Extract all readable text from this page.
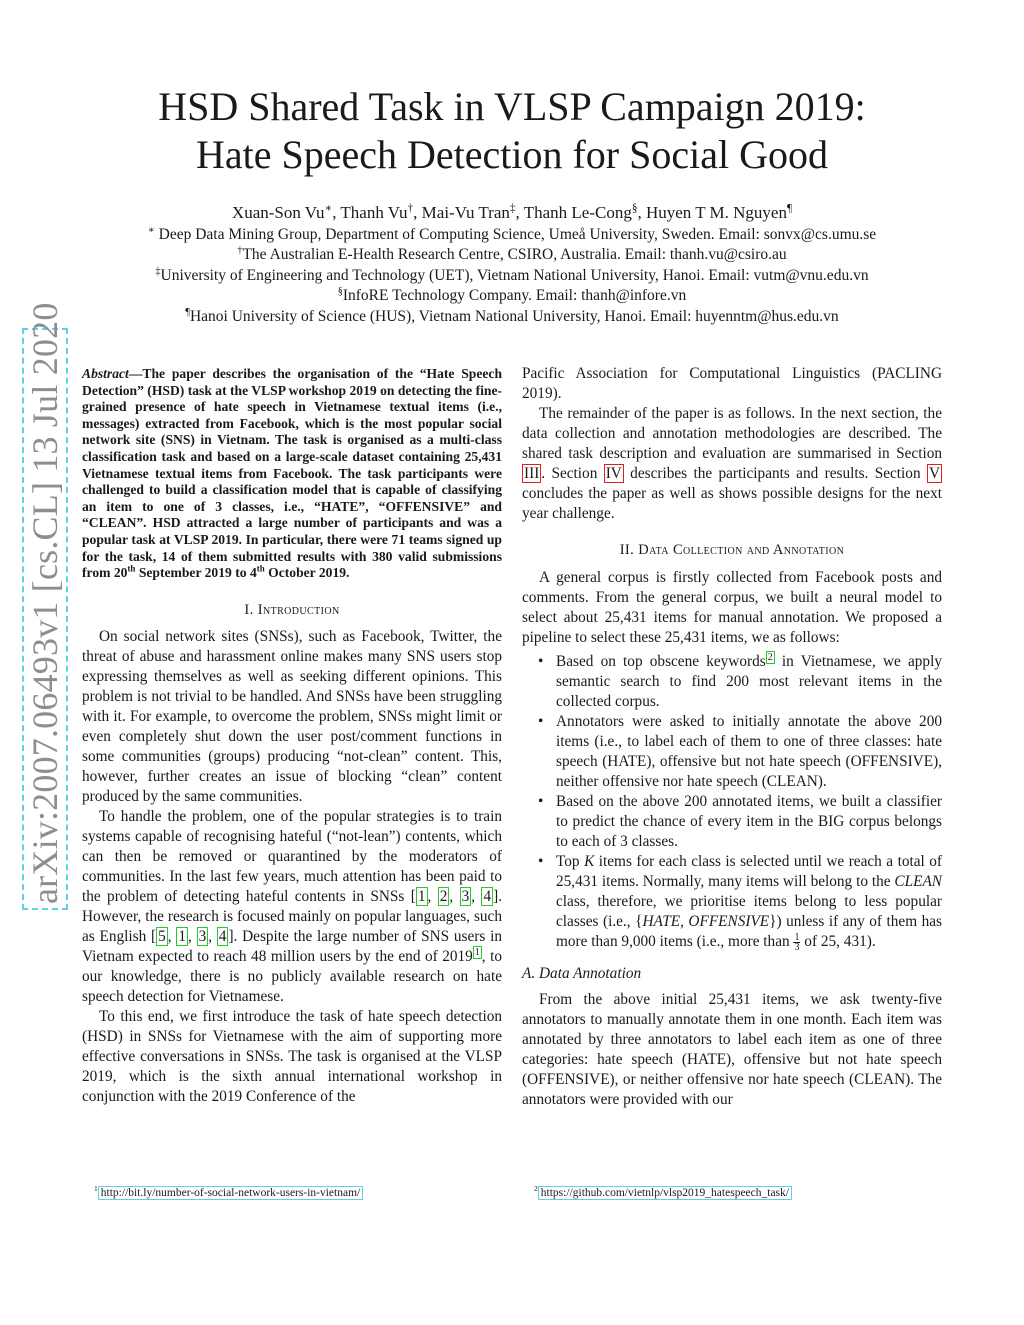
arXiv:2007.06493v1 [cs.CL] 13 Jul 2020
HSD Shared Task in VLSP Campaign 2019:
Hate Speech Detection for Social Good
Xuan-Son Vu∗, Thanh Vu†, Mai-Vu Tran‡, Thanh Le-Cong§, Huyen T M. Nguyen¶
∗ Deep Data Mining Group, Department of Computing Science, Umeå University, Sweden. Email: sonvx@cs.umu.se
†The Australian E-Health Research Centre, CSIRO, Australia. Email: thanh.vu@csiro.au
‡University of Engineering and Technology (UET), Vietnam National University, Hanoi. Email: vutm@vnu.edu.vn
§InfoRE Technology Company. Email: thanh@infore.vn
¶Hanoi University of Science (HUS), Vietnam National University, Hanoi. Email: huyenntm@hus.edu.vn
Abstract—The paper describes the organisation of the “Hate Speech Detection” (HSD) task at the VLSP workshop 2019 on detecting the fine-grained presence of hate speech in Vietnamese textual items (i.e., messages) extracted from Facebook, which is the most popular social network site (SNS) in Vietnam. The task is organised as a multi-class classification task and based on a large-scale dataset containing 25,431 Vietnamese textual items from Facebook. The task participants were challenged to build a classification model that is capable of classifying an item to one of 3 classes, i.e., “HATE”, “OFFENSIVE” and “CLEAN”. HSD attracted a large number of participants and was a popular task at VLSP 2019. In particular, there were 71 teams signed up for the task, 14 of them submitted results with 380 valid submissions from 20th September 2019 to 4th October 2019.
I. Introduction

On social network sites (SNSs), such as Facebook, Twitter, the threat of abuse and harassment online makes many SNS users stop expressing themselves as well as seeking different opinions. This problem is not trivial to be handled. And SNSs have been struggling with it. For example, to overcome the problem, SNSs might limit or even completely shut down the user post/comment functions in some communities (groups) producing “not-clean” content. This, however, further creates an issue of blocking “clean” content produced by the same communities.

To handle the problem, one of the popular strategies is to train systems capable of recognising hateful (“not-lean”) contents, which can then be removed or quarantined by the moderators of communities. In the last few years, much attention has been paid to the problem of detecting hateful contents in SNSs [ 1 , 2 , 3 , 4 ]. However, the research is focused mainly on popular languages, such as English [ 5 , 1 , 3 , 4 ]. Despite the large number of SNS users in Vietnam expected to reach 48 million users by the end of 2019 $^1$ , to our knowledge, there is no publicly available research on hate speech detection for Vietnamese.

To this end, we first introduce the task of hate speech detection (HSD) in SNSs for Vietnamese with the aim of supporting more effective conversations in SNSs. The task is organised at the VLSP 2019, which is the sixth annual international workshop in conjunction with the 2019 Conference of the

Pacific Association for Computational Linguistics (PACLING 2019).

The remainder of the paper is as follows. In the next section, the data collection and annotation methodologies are described. The shared task description and evaluation are summarised in Section III . Section IV describes the participants and results. Section V concludes the paper as well as shows possible designs for the next year challenge.

II. Data Collection and Annotation

A general corpus is firstly collected from Facebook posts and comments. From the general corpus, we built a neural model to select about 25,431 items for manual annotation. We proposed a pipeline to select these 25,431 items, we as follows:

• Based on top obscene keywords $^2$ in Vietnamese, we apply semantic search to find 200 most relevant items in the collected corpus.
• Annotators were asked to initially annotate the above 200 items (i.e., to label each of them to one of three classes: hate speech (HATE), offensive but not hate speech (OFFENSIVE), neither offensive nor hate speech (CLEAN).
• Based on the above 200 annotated items, we built a classifier to predict the chance of every item in the BIG corpus belongs to each of 3 classes.
• Top K items for each class is selected until we reach a total of 25,431 items. Normally, many items will belong to the CLEAN class, therefore, we prioritise items belong to less popular classes (i.e., {HATE, OFFENSIVE}) unless if any of them has more than 9,000 items (i.e., more than $\frac{1}{3}$ of 25, 431).
A. Data Annotation

From the above initial 25,431 items, we ask twenty-five annotators to manually annotate them in one month. Each item was annotated by three annotators to label each item as one of three categories: hate speech (HATE), offensive but not hate speech (OFFENSIVE), or neither offensive nor hate speech (CLEAN). The annotators were provided with our

$^1$ http://bit.ly/number-of-social-network-users-in-vietnam/	$^2$ https://github.com/vietnlp/vlsp2019_hatespeech_task/
